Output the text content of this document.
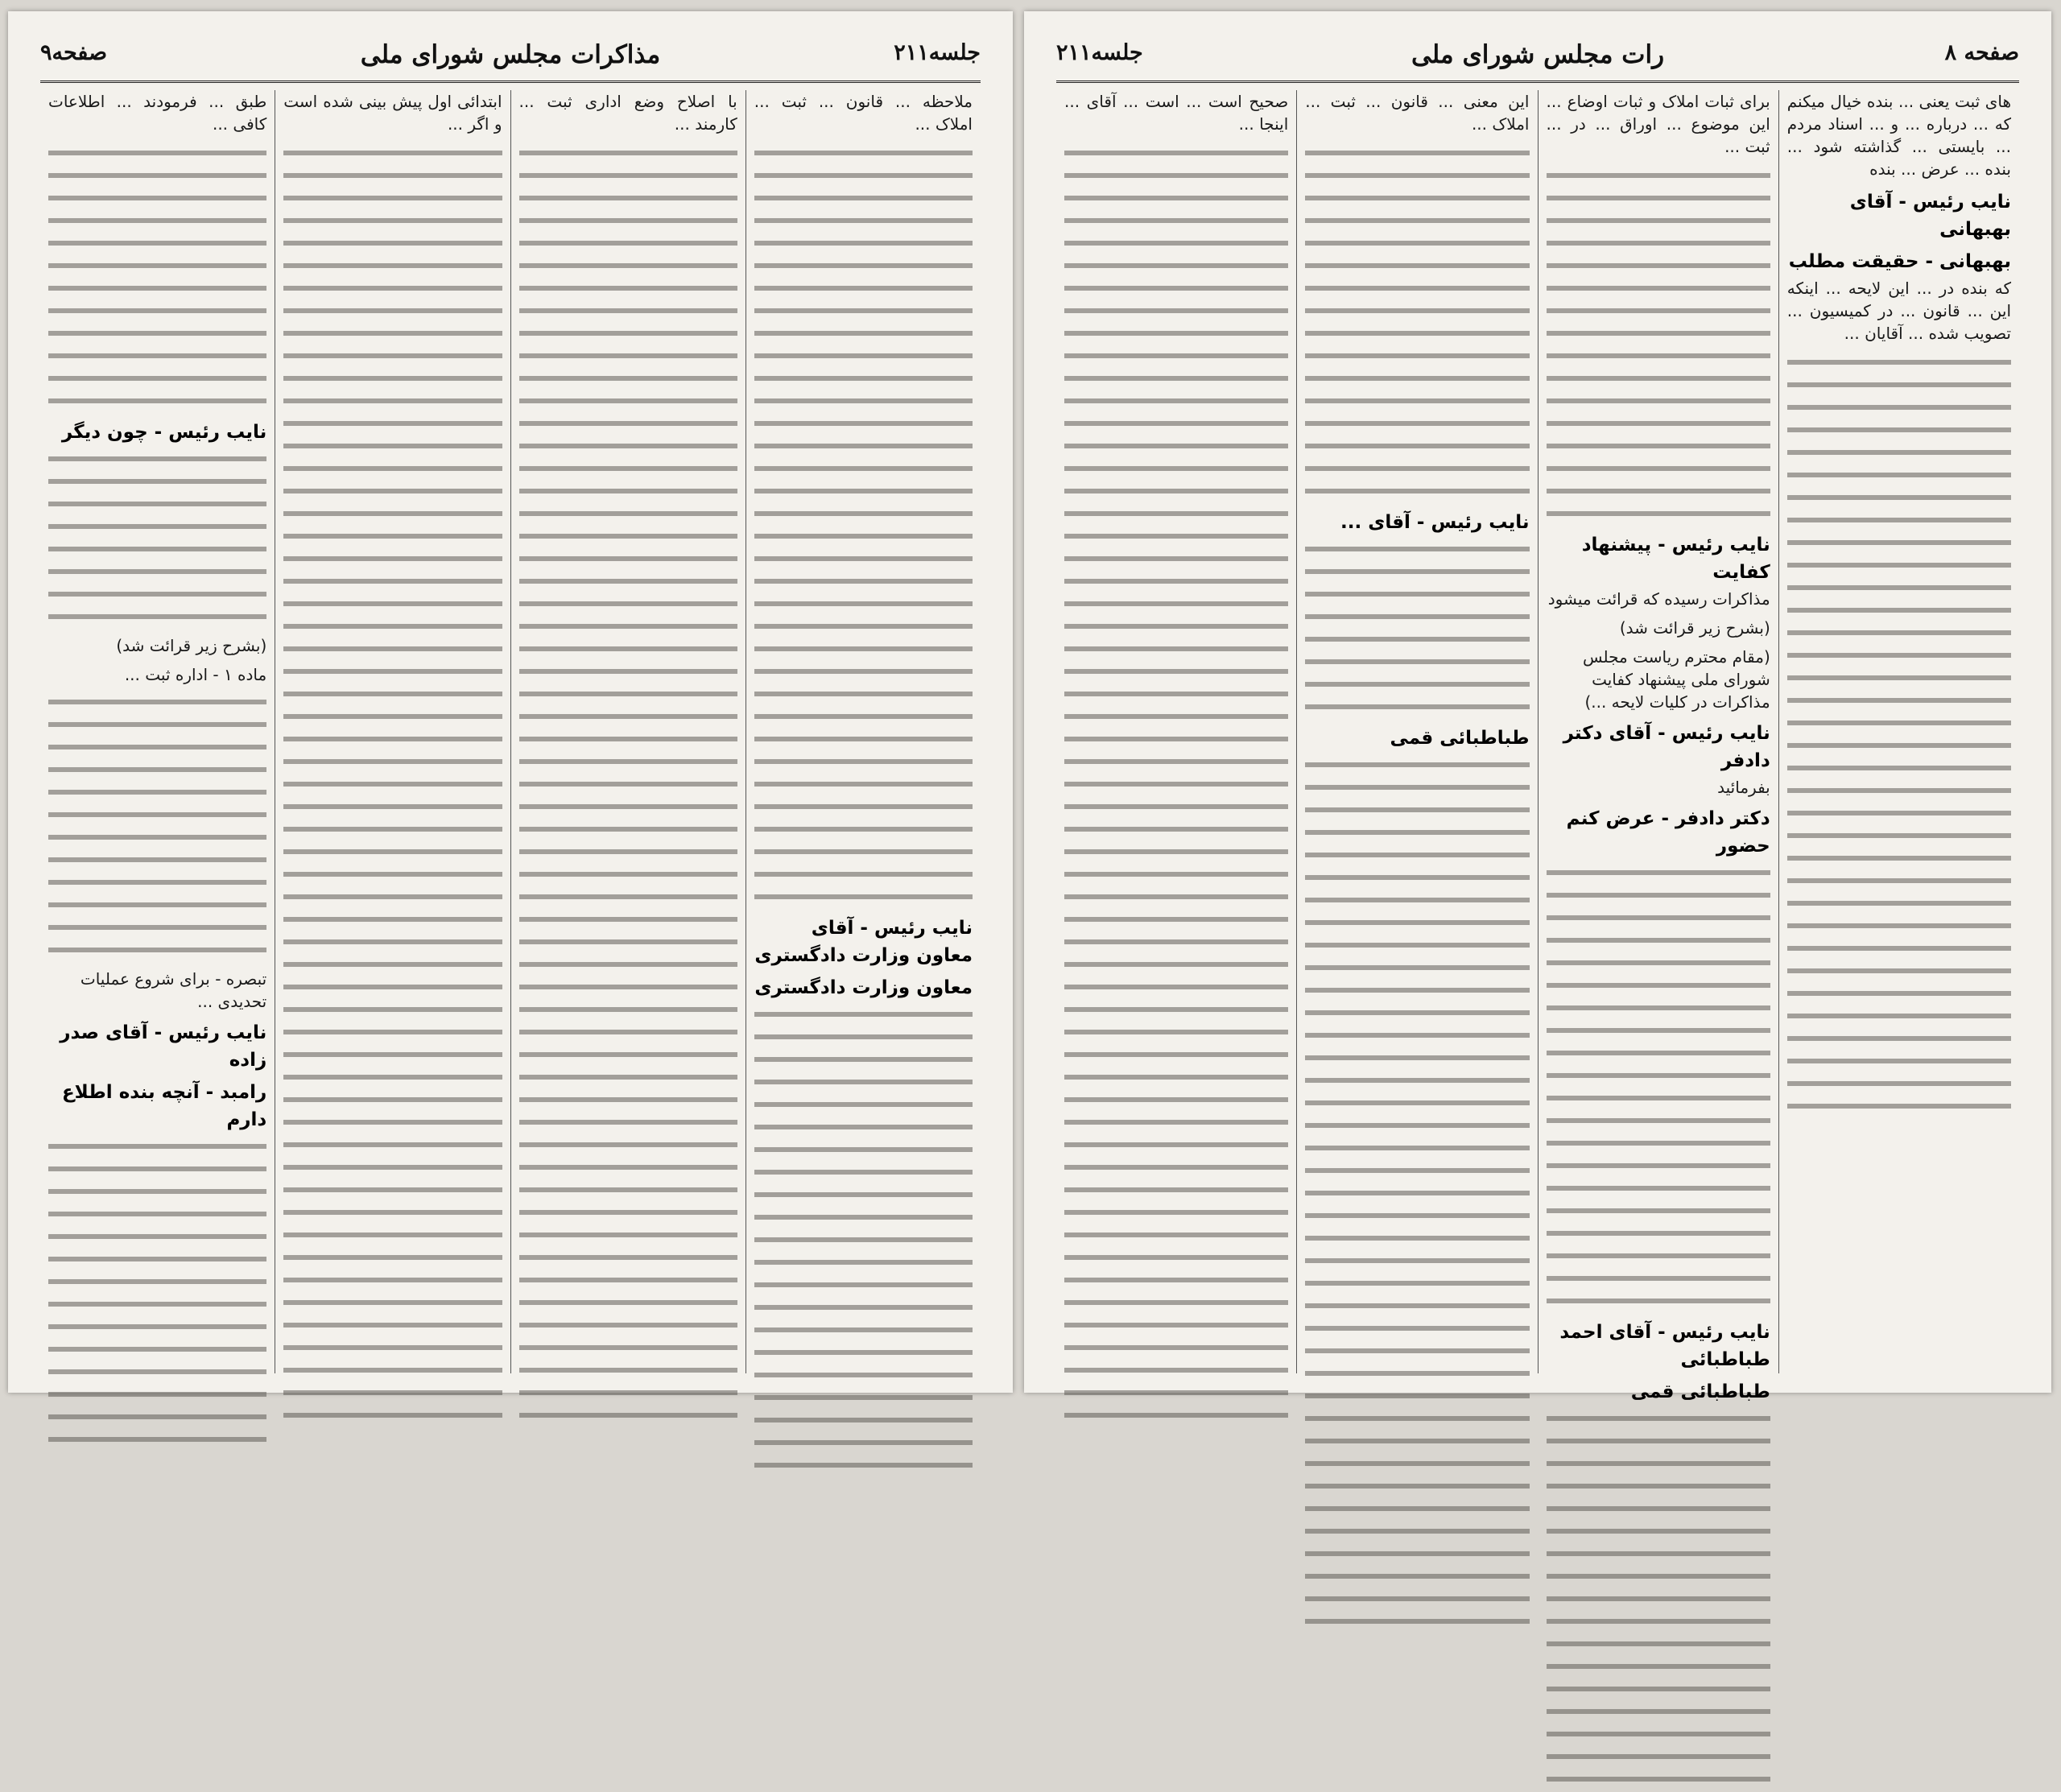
جلسه۲۱۱
مذاکرات مجلس شورای ملی
صفحه۹
ملاحظه ... قانون ... ثبت ... املاک ...
نایب رئیس - آقای معاون وزارت دادگستری
معاون وزارت دادگستری
با اصلاح وضع اداری ثبت ... کارمند ...
ابتدائی اول پیش بینی شده است و اگر ...
طبق ... فرمودند ... اطلاعات کافی ...
نایب رئیس - چون دیگر
(بشرح زیر قرائت شد)
ماده ۱ - اداره ثبت ...
تبصره - برای شروع عملیات تحدیدی ...
نایب رئیس - آقای صدر زاده
رامبد - آنچه بنده اطلاع دارم
صفحه ۸
رات مجلس شورای ملی
جلسه۲۱۱
های ثبت یعنی ... بنده خیال میکنم که ... درباره ... و ... اسناد مردم ... بایستی ... گذاشته شود ... بنده ... عرض ... بنده
نایب رئیس - آقای بهبهانی
بهبهانی - حقیقت مطلب
که بنده در ... این لایحه ... اینکه این ... قانون ... در کمیسیون ... تصویب شده ... آقایان ...
برای ثبات املاک و ثبات اوضاع ... این موضوع ... اوراق ... در ... ثبت ...
نایب رئیس - پیشنهاد کفایت
مذاکرات رسیده که قرائت میشود
(بشرح زیر قرائت شد)
(مقام محترم ریاست مجلس شورای ملی پیشنهاد کفایت مذاکرات در کلیات لایحه ...)
نایب رئیس - آقای دکتر دادفر
بفرمائید
دکتر دادفر - عرض کنم حضور
نایب رئیس - آقای احمد طباطبائی
طباطبائی قمی
این معنی ... قانون ... ثبت ... املاک ...
نایب رئیس - آقای ...
طباطبائی قمی
صحیح است ... است ... آقای ... اینجا ...
